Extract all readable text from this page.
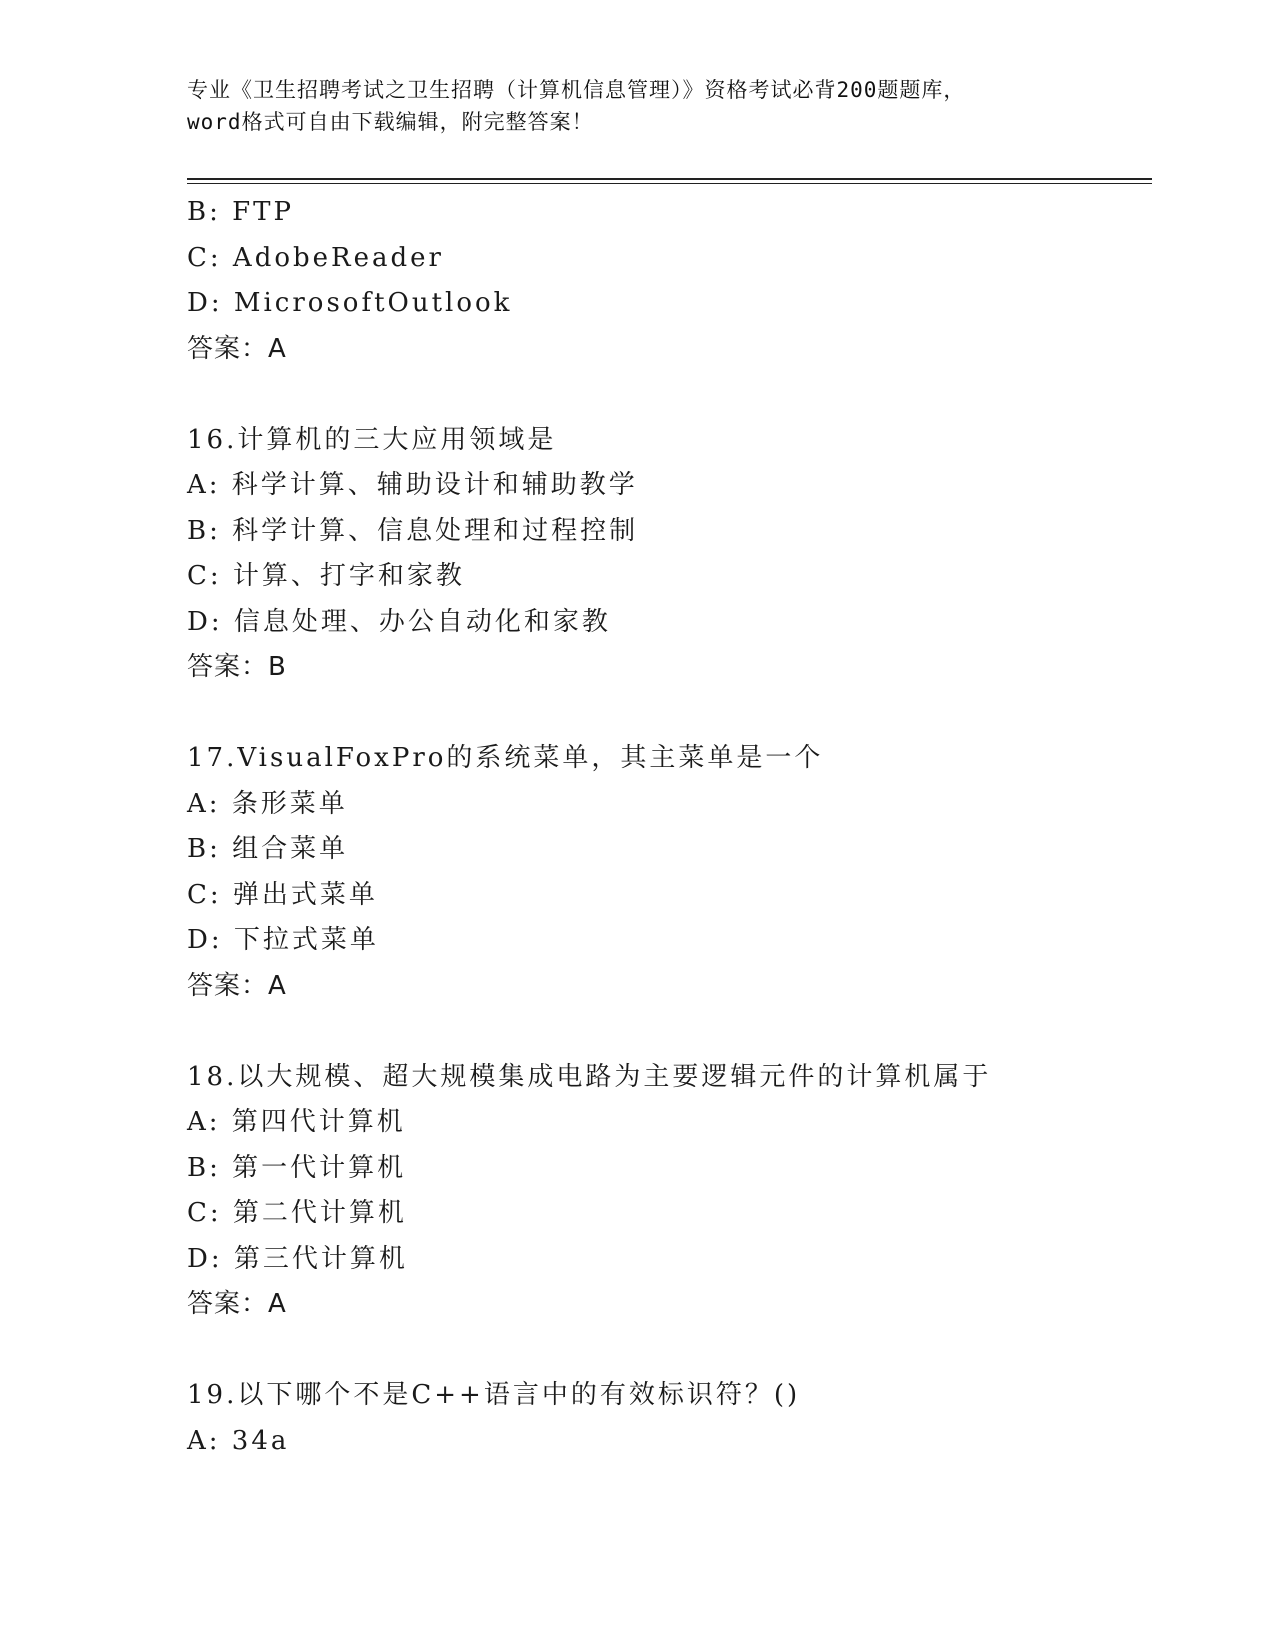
专业《卫生招聘考试之卫生招聘（计算机信息管理）》资格考试必背200题题库，
word格式可自由下载编辑，附完整答案！
B: FTP
C: AdobeReader
D: MicrosoftOutlook
答案：A
16.计算机的三大应用领域是
A: 科学计算、辅助设计和辅助教学
B: 科学计算、信息处理和过程控制
C: 计算、打字和家教
D: 信息处理、办公自动化和家教
答案：B
17.VisualFoxPro的系统菜单，其主菜单是一个
A: 条形菜单
B: 组合菜单
C: 弹出式菜单
D: 下拉式菜单
答案：A
18.以大规模、超大规模集成电路为主要逻辑元件的计算机属于
A: 第四代计算机
B: 第一代计算机
C: 第二代计算机
D: 第三代计算机
答案：A
19.以下哪个不是C++语言中的有效标识符？()
A: 34a
